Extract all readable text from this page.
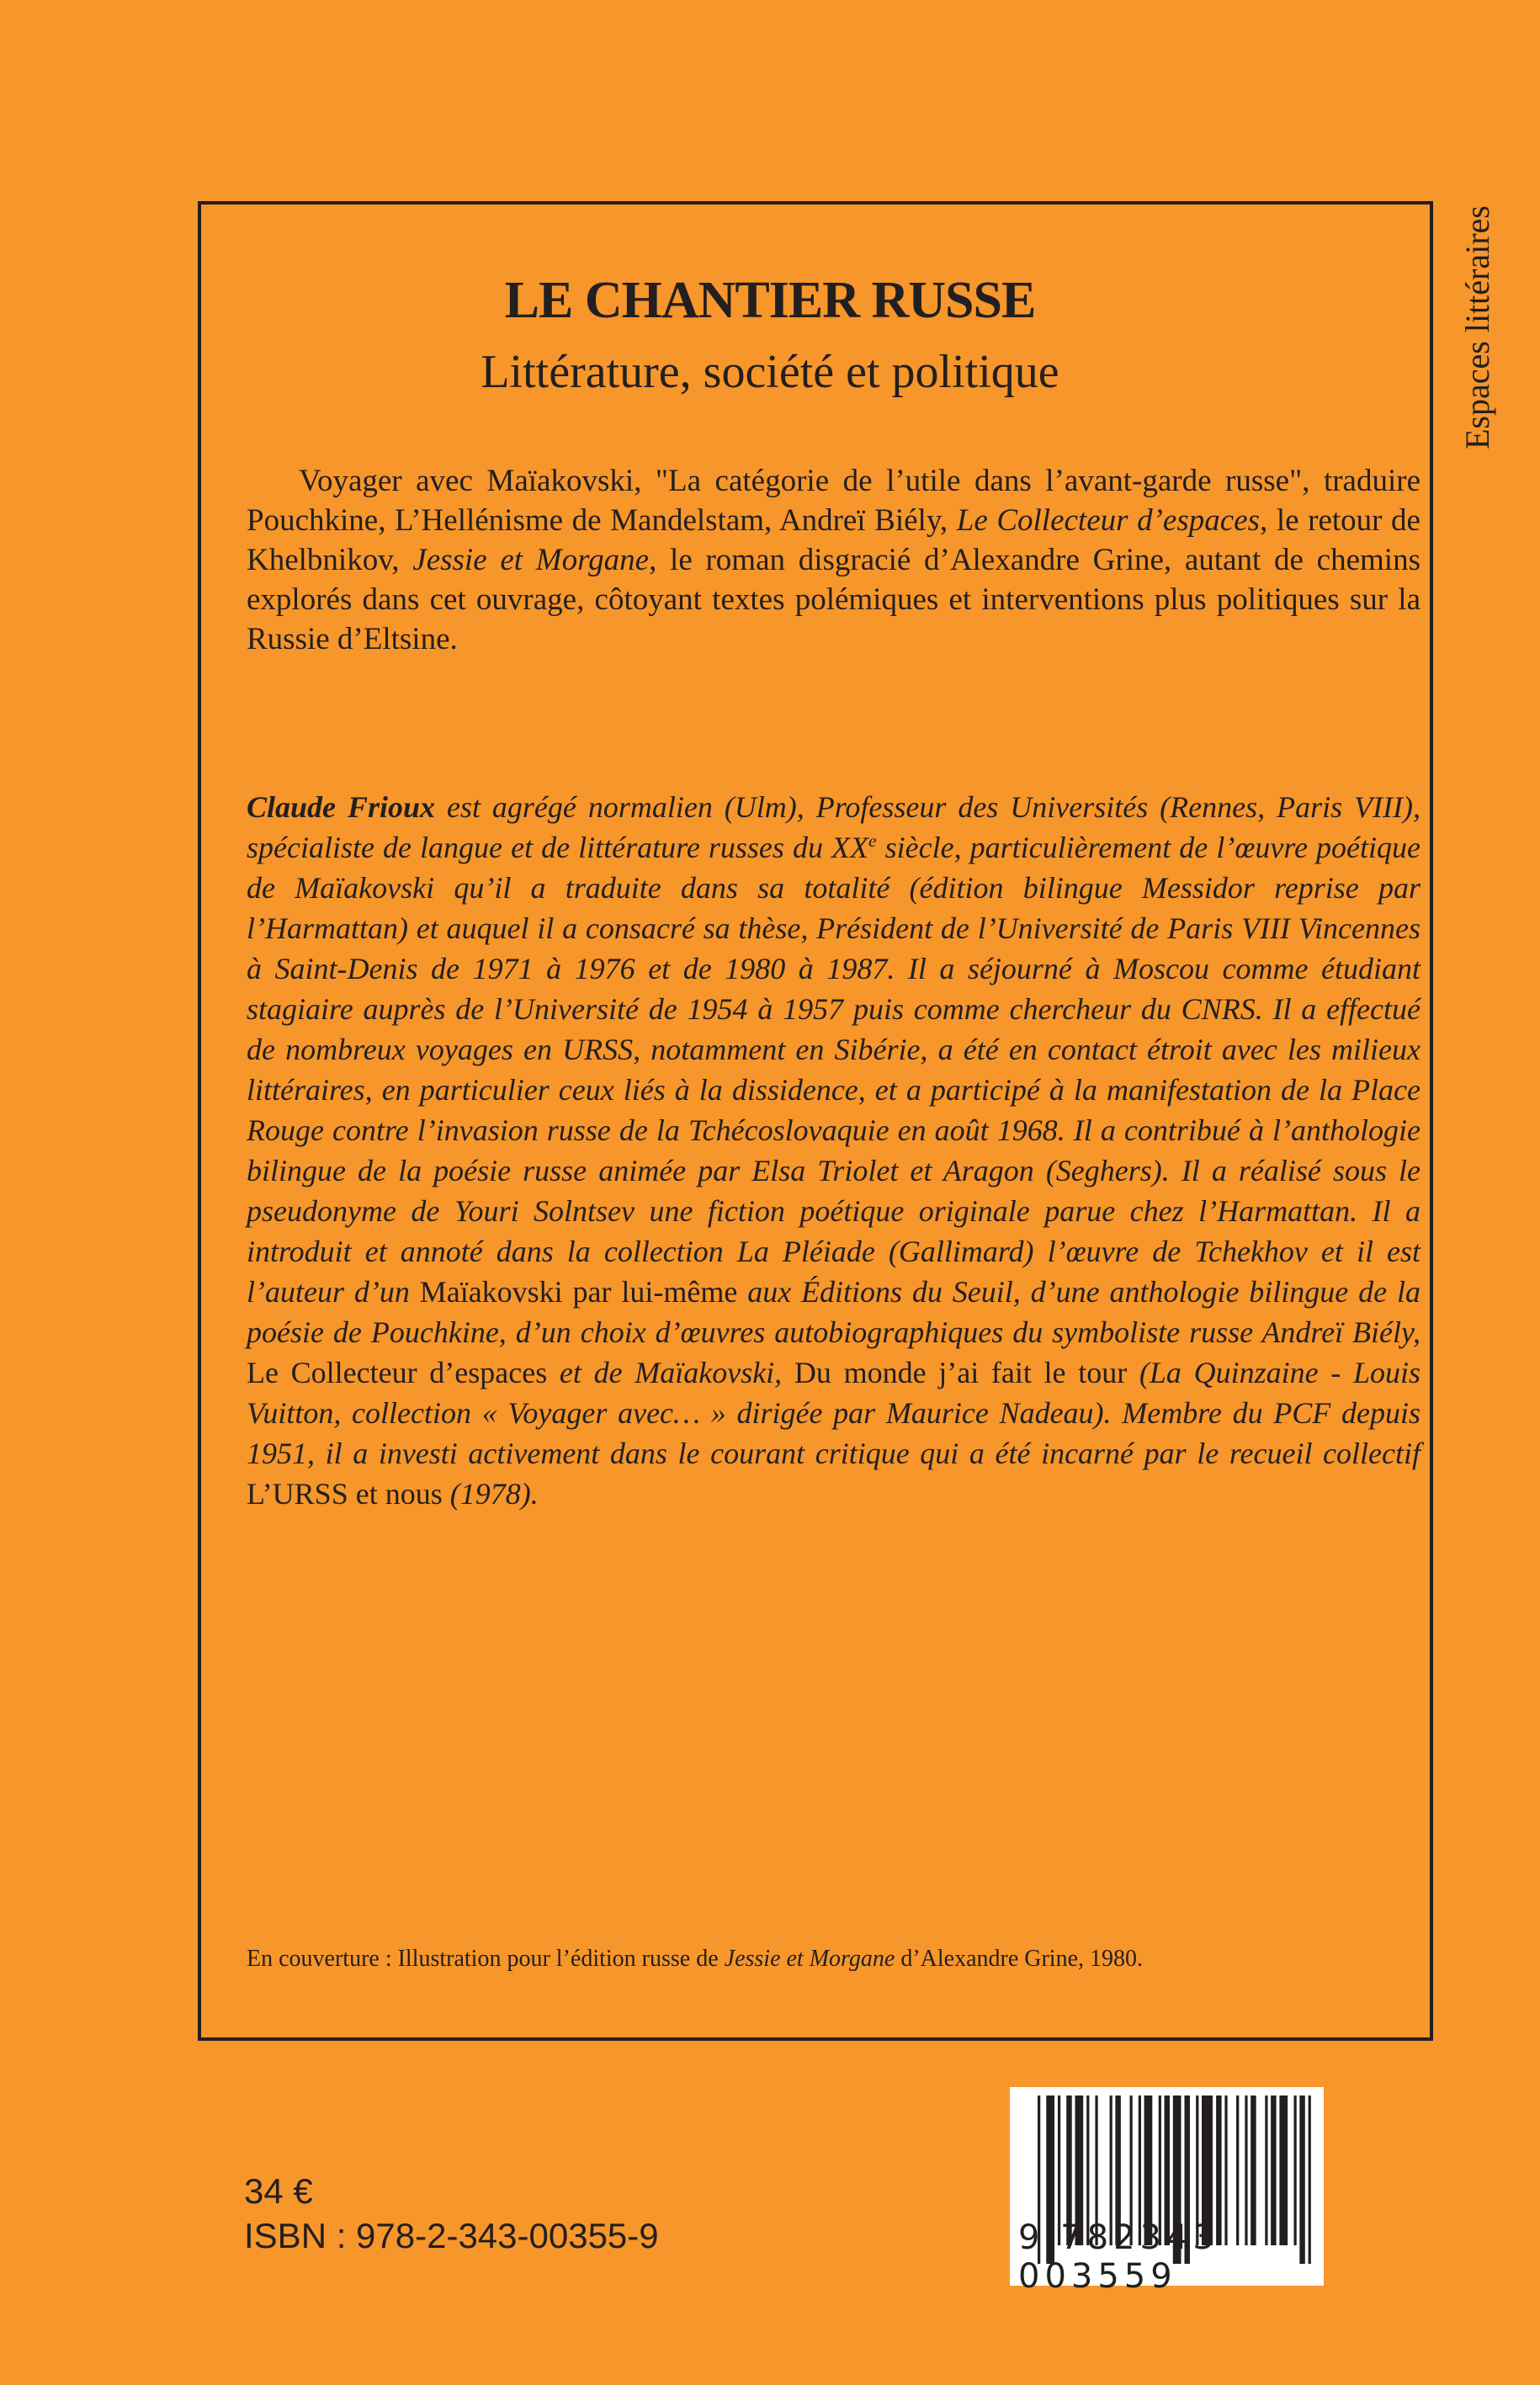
Espaces littéraires
LE CHANTIER RUSSE
Littérature, société et politique
Voyager avec Maïakovski, "La catégorie de l’utile dans l’avant-garde russe", traduire Pouchkine, L’Hellénisme de Mandelstam, Andreï Biély, Le Collecteur d’espaces, le retour de Khelbnikov, Jessie et Morgane, le roman disgracié d’Alexandre Grine, autant de chemins explorés dans cet ouvrage, côtoyant textes polémiques et interventions plus politiques sur la Russie d’Eltsine.
Claude Frioux est agrégé normalien (Ulm), Professeur des Universités (Rennes, Paris VIII), spécialiste de langue et de littérature russes du XXe siècle, particulièrement de l’œuvre poétique de Maïakovski qu’il a traduite dans sa totalité (édition bilingue Messidor reprise par l’Harmattan) et auquel il a consacré sa thèse, Président de l’Université de Paris VIII Vincennes à Saint-Denis de 1971 à 1976 et de 1980 à 1987. Il a séjourné à Moscou comme étudiant stagiaire auprès de l’Université de 1954 à 1957 puis comme chercheur du CNRS. Il a effectué de nombreux voyages en URSS, notamment en Sibérie, a été en contact étroit avec les milieux littéraires, en particulier ceux liés à la dissidence, et a participé à la manifestation de la Place Rouge contre l’invasion russe de la Tchécoslovaquie en août 1968. Il a contribué à l’anthologie bilingue de la poésie russe animée par Elsa Triolet et Aragon (Seghers). Il a réalisé sous le pseudonyme de Youri Solntsev une fiction poétique originale parue chez l’Harmattan. Il a introduit et annoté dans la collection La Pléiade (Gallimard) l’œuvre de Tchekhov et il est l’auteur d’un Maïakovski par lui-même aux Éditions du Seuil, d’une anthologie bilingue de la poésie de Pouchkine, d’un choix d’œuvres autobiographiques du symboliste russe Andreï Biély, Le Collecteur d’espaces et de Maïakovski, Du monde j’ai fait le tour (La Quinzaine - Louis Vuitton, collection « Voyager avec… » dirigée par Maurice Nadeau). Membre du PCF depuis 1951, il a investi activement dans le courant critique qui a été incarné par le recueil collectif L’URSS et nous (1978).
En couverture : Illustration pour l’édition russe de Jessie et Morgane d’Alexandre Grine, 1980.
9 782343 003559
34 €
ISBN : 978-2-343-00355-9
